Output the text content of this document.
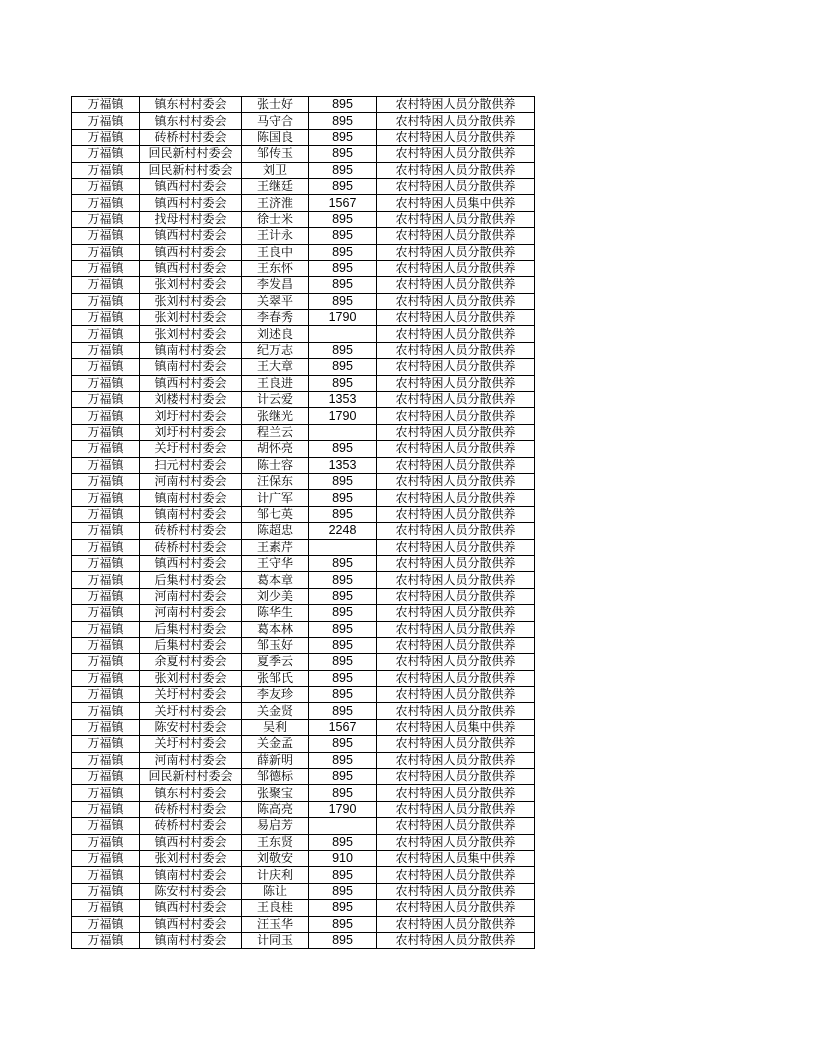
万福镇	镇东村村委会	张士好	895	农村特困人员分散供养
万福镇	镇东村村委会	马守合	895	农村特困人员分散供养
万福镇	砖桥村村委会	陈国良	895	农村特困人员分散供养
万福镇	回民新村村委会	邹传玉	895	农村特困人员分散供养
万福镇	回民新村村委会	刘卫	895	农村特困人员分散供养
万福镇	镇西村村委会	王继廷	895	农村特困人员分散供养
万福镇	镇西村村委会	王济淮	1567	农村特困人员集中供养
万福镇	找母村村委会	徐士米	895	农村特困人员分散供养
万福镇	镇西村村委会	王计永	895	农村特困人员分散供养
万福镇	镇西村村委会	王良中	895	农村特困人员分散供养
万福镇	镇西村村委会	王东怀	895	农村特困人员分散供养
万福镇	张刘村村委会	李发昌	895	农村特困人员分散供养
万福镇	张刘村村委会	关翠平	895	农村特困人员分散供养
万福镇	张刘村村委会	李春秀	1790	农村特困人员分散供养
万福镇	张刘村村委会	刘述良		农村特困人员分散供养
万福镇	镇南村村委会	纪万志	895	农村特困人员分散供养
万福镇	镇南村村委会	王大章	895	农村特困人员分散供养
万福镇	镇西村村委会	王良进	895	农村特困人员分散供养
万福镇	刘楼村村委会	计云爱	1353	农村特困人员分散供养
万福镇	刘圩村村委会	张继光	1790	农村特困人员分散供养
万福镇	刘圩村村委会	程兰云		农村特困人员分散供养
万福镇	关圩村村委会	胡怀亮	895	农村特困人员分散供养
万福镇	扫元村村委会	陈士容	1353	农村特困人员分散供养
万福镇	河南村村委会	汪保东	895	农村特困人员分散供养
万福镇	镇南村村委会	计广军	895	农村特困人员分散供养
万福镇	镇南村村委会	邹七英	895	农村特困人员分散供养
万福镇	砖桥村村委会	陈超忠	2248	农村特困人员分散供养
万福镇	砖桥村村委会	王素芹		农村特困人员分散供养
万福镇	镇西村村委会	王守华	895	农村特困人员分散供养
万福镇	后集村村委会	葛本章	895	农村特困人员分散供养
万福镇	河南村村委会	刘少美	895	农村特困人员分散供养
万福镇	河南村村委会	陈华生	895	农村特困人员分散供养
万福镇	后集村村委会	葛本林	895	农村特困人员分散供养
万福镇	后集村村委会	邹玉好	895	农村特困人员分散供养
万福镇	余夏村村委会	夏季云	895	农村特困人员分散供养
万福镇	张刘村村委会	张邹氏	895	农村特困人员分散供养
万福镇	关圩村村委会	李友珍	895	农村特困人员分散供养
万福镇	关圩村村委会	关金贤	895	农村特困人员分散供养
万福镇	陈安村村委会	吴利	1567	农村特困人员集中供养
万福镇	关圩村村委会	关金孟	895	农村特困人员分散供养
万福镇	河南村村委会	薛新明	895	农村特困人员分散供养
万福镇	回民新村村委会	邹德标	895	农村特困人员分散供养
万福镇	镇东村村委会	张聚宝	895	农村特困人员分散供养
万福镇	砖桥村村委会	陈高亮	1790	农村特困人员分散供养
万福镇	砖桥村村委会	易启芳		农村特困人员分散供养
万福镇	镇西村村委会	王东贤	895	农村特困人员分散供养
万福镇	张刘村村委会	刘敬安	910	农村特困人员集中供养
万福镇	镇南村村委会	计庆利	895	农村特困人员分散供养
万福镇	陈安村村委会	陈让	895	农村特困人员分散供养
万福镇	镇西村村委会	王良桂	895	农村特困人员分散供养
万福镇	镇西村村委会	汪玉华	895	农村特困人员分散供养
万福镇	镇南村村委会	计同玉	895	农村特困人员分散供养
